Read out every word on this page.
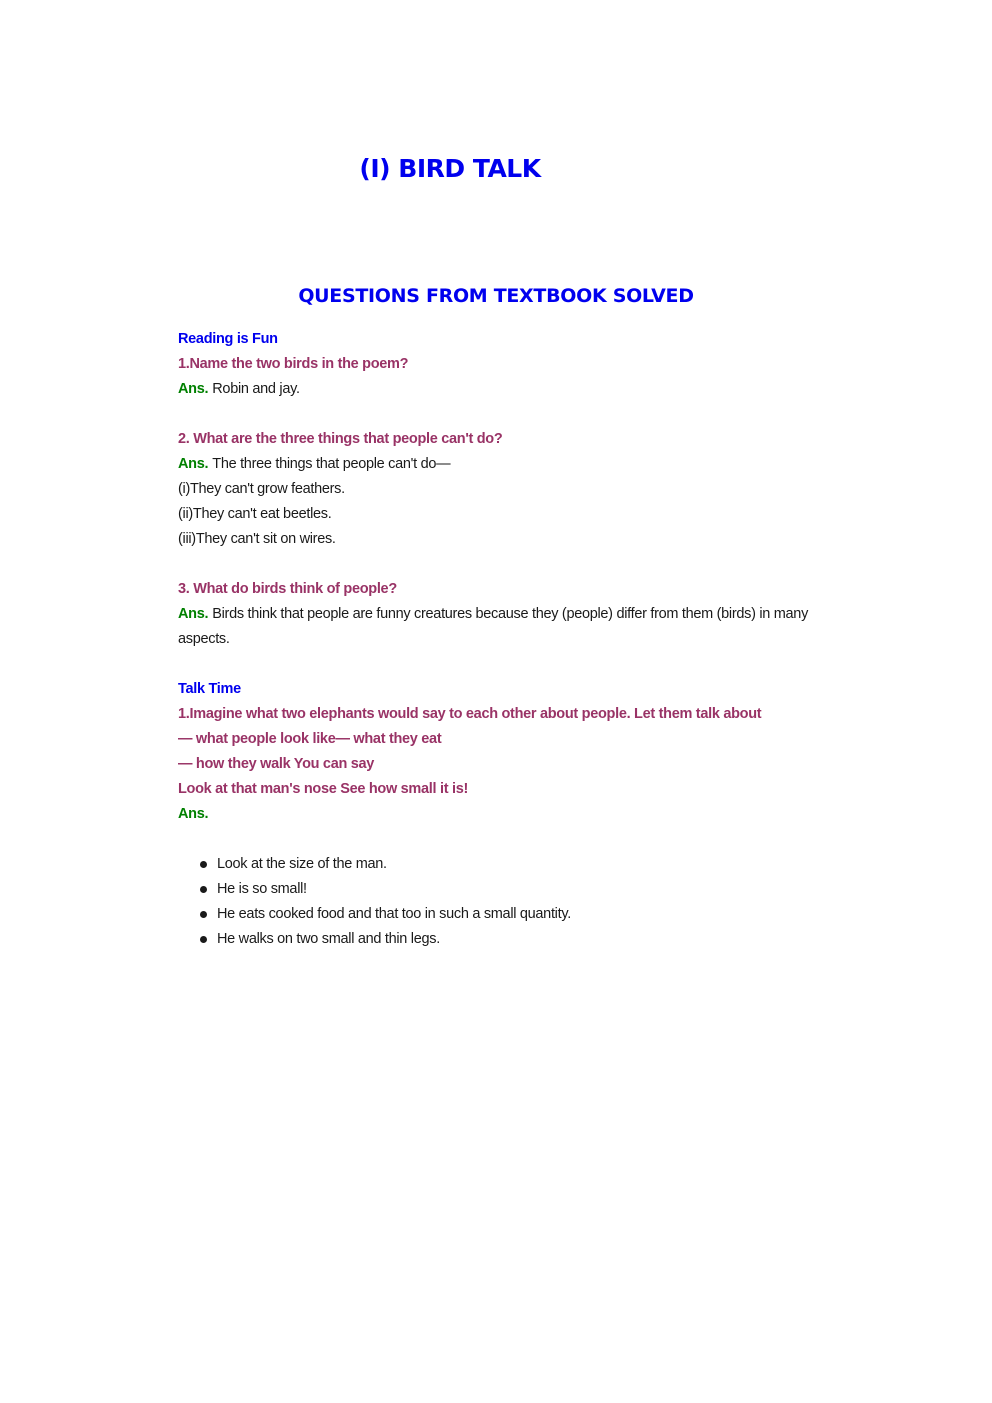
(I) BIRD TALK
QUESTIONS FROM TEXTBOOK SOLVED

Reading is Fun

1.Name the two birds in the poem?

Ans. Robin and jay.

2. What are the three things that people can't do?

Ans. The three things that people can't do—

(i)They can't grow feathers.

(ii)They can't eat beetles.

(iii)They can't sit on wires.

3. What do birds think of people?

Ans. Birds think that people are funny creatures because they (people) differ from them (birds) in many aspects.

Talk Time

1.Imagine what two elephants would say to each other about people. Let them talk about

— what people look like— what they eat

— how they walk You can say

Look at that man's nose See how small it is!

Ans.

Look at the size of the man.
He is so small!
He eats cooked food and that too in such a small quantity.
He walks on two small and thin legs.
